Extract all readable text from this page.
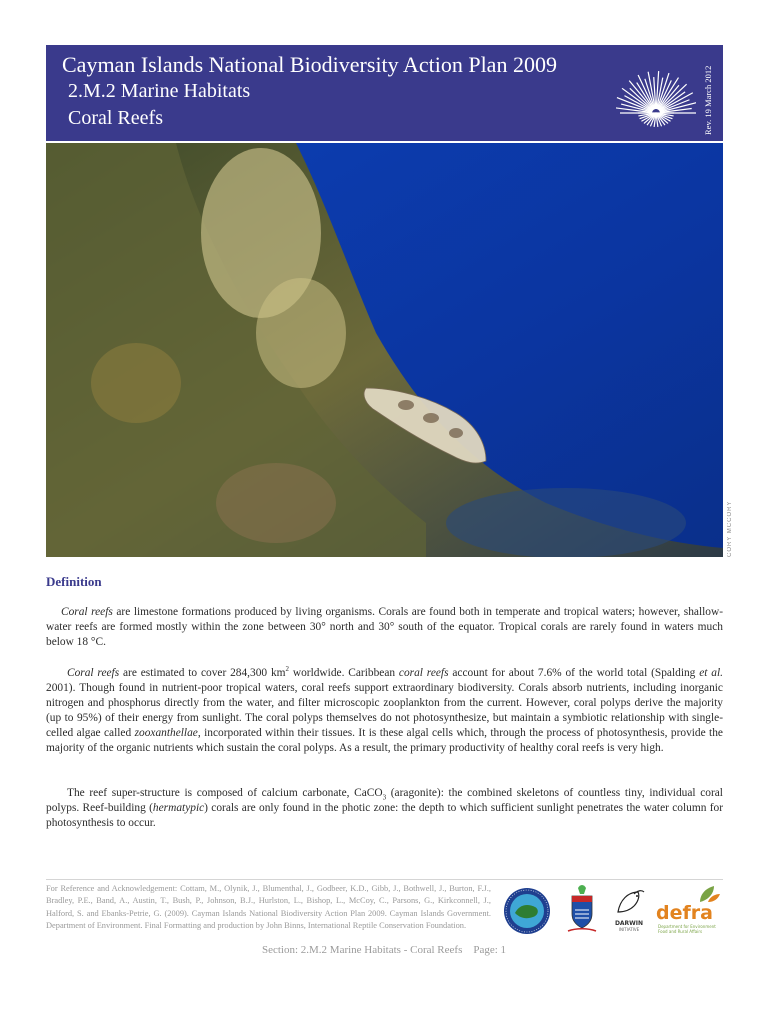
Cayman Islands National Biodiversity Action Plan 2009
2.M.2 Marine Habitats
Coral Reefs	Rev. 19 March 2012
CORY MCCORY
Definition

Coral reefs are limestone formations produced by living organisms. Corals are found both in temperate and tropical waters; however, shallow-water reefs are formed mostly within the zone between 30° north and 30° south of the equator. Tropical corals are rarely found in waters much below 18 °C.

Coral reefs are estimated to cover 284,300 $km^2$ worldwide. Caribbean coral reefs account for about 7.6% of the world total (Spalding et al. 2001). Though found in nutrient-poor tropical waters, coral reefs support extraordinary biodiversity. Corals absorb nutrients, including inorganic nitrogen and phosphorus directly from the water, and filter microscopic zooplankton from the current. However, coral polyps derive the majority (up to 95%) of their energy from sunlight. The coral polyps themselves do not photosynthesize, but maintain a symbiotic relationship with single-celled algae called zooxanthellae, incorporated within their tissues. It is these algal cells which, through the process of photosynthesis, provide the majority of the organic nutrients which sustain the coral polyps. As a result, the primary productivity of healthy coral reefs is very high.

The reef super-structure is composed of calcium carbonate, CaCO$_3$ (aragonite): the combined skeletons of countless tiny, individual coral polyps. Reef-building (hermatypic) corals are only found in the photic zone: the depth to which sufficient sunlight penetrates the water column for photosynthesis to occur.

For Reference and Acknowledgement: Cottam, M., Olynik, J., Blumenthal, J., Godbeer, K.D., Gibb, J., Bothwell, J., Burton, F.J., Bradley, P.E., Band, A., Austin, T., Bush, P., Johnson, B.J., Hurlston, L., Bishop, L., McCoy, C., Parsons, G., Kirkconnell, J., Halford, S. and Ebanks-Petrie, G. (2009). Cayman Islands National Biodiversity Action Plan 2009. Cayman Islands Government. Department of Environment. Final Formatting and production by John Binns, International Reptile Conservation Foundation.	DARWIN
INITIATIVE
defra
Department for Environment Food and Rural Affairs
Section: 2.M.2 Marine Habitats - Coral Reefs    Page: 1
